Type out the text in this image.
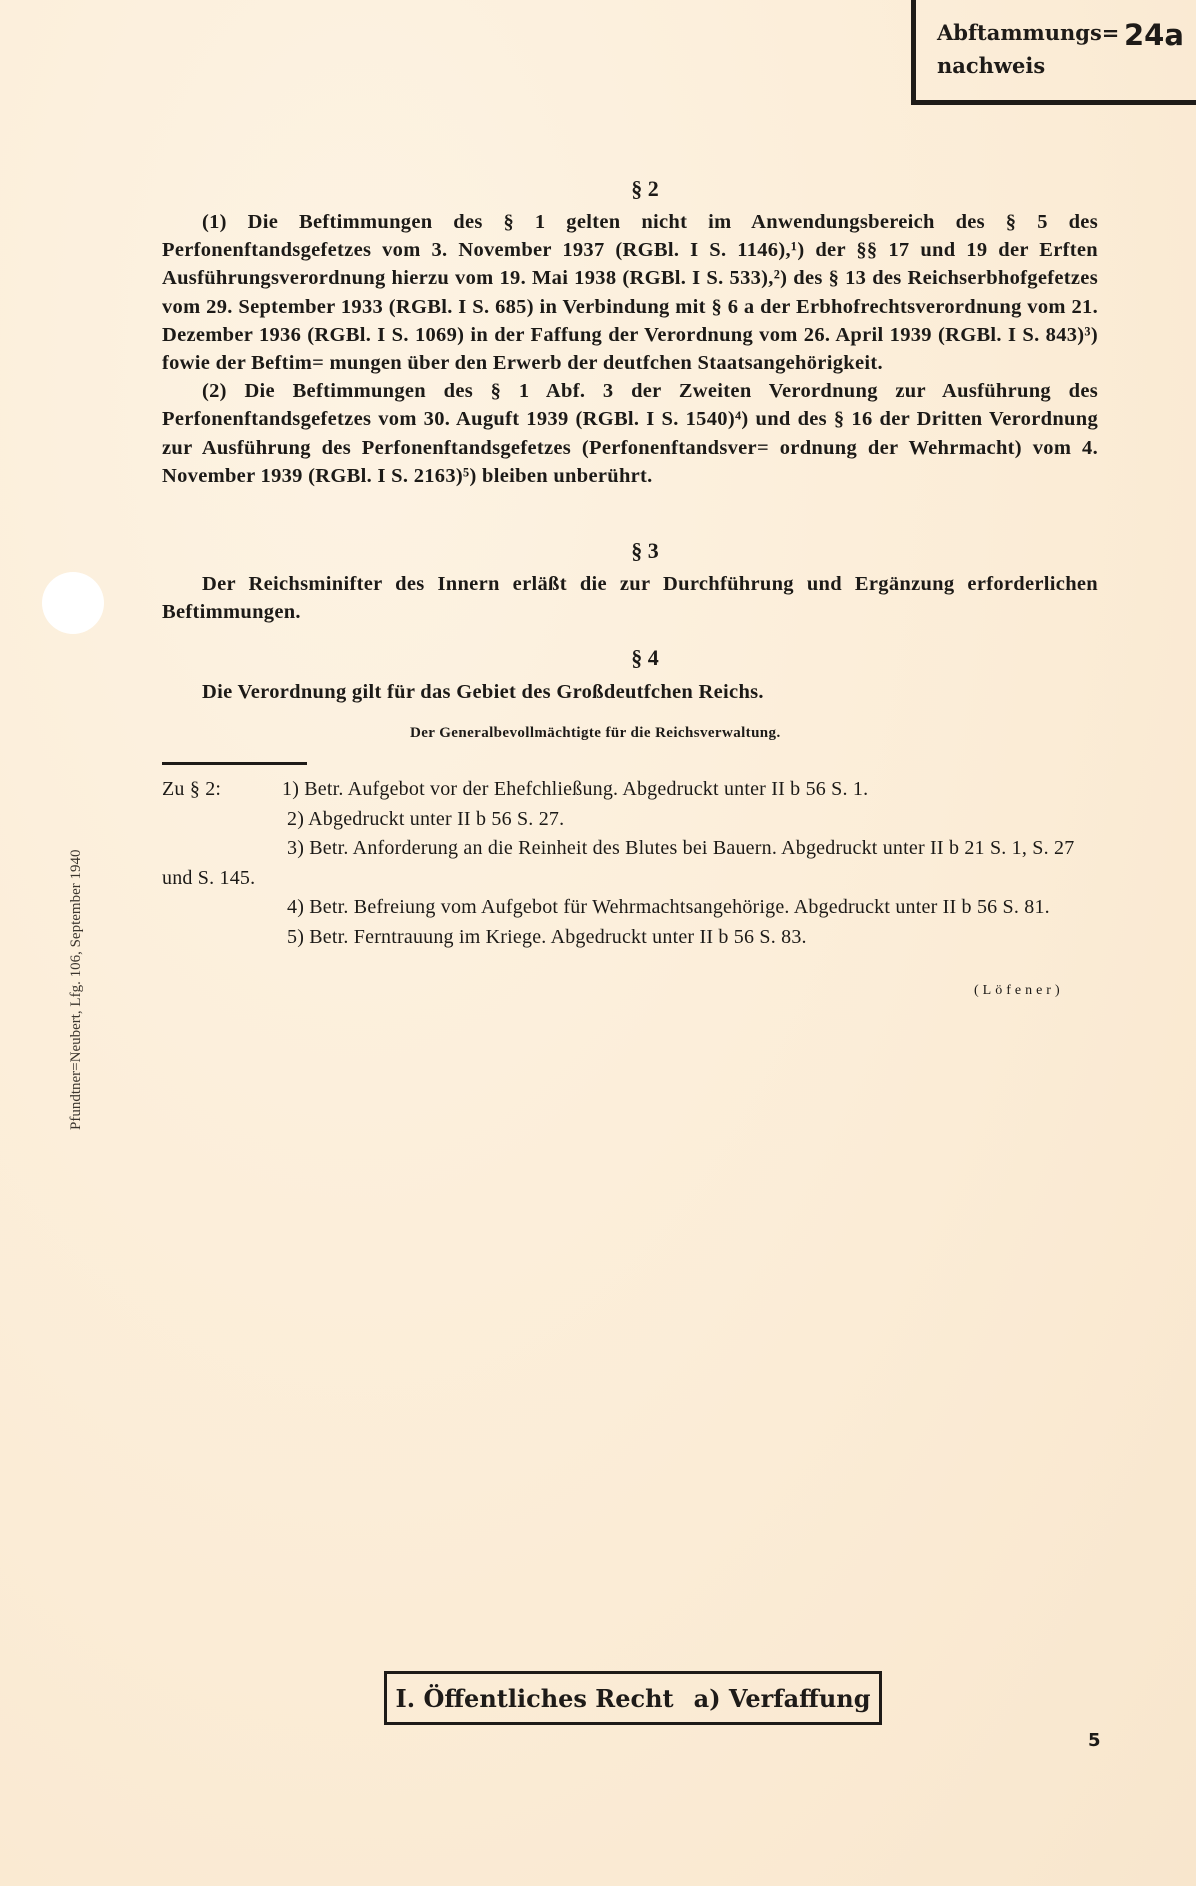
Abftammungs=
nachweis
24a
§ 2

(1) Die Beftimmungen des § 1 gelten nicht im Anwendungsbereich des § 5 des Perfonenftandsgefetzes vom 3. November 1937 (RGBl. I S. 1146),¹) der §§ 17 und 19 der Erften Ausführungsverordnung hierzu vom 19. Mai 1938 (RGBl. I S. 533),²) des § 13 des Reichserbhofgefetzes vom 29. September 1933 (RGBl. I S. 685) in Verbindung mit § 6 a der Erbhofrechtsverordnung vom 21. Dezember 1936 (RGBl. I S. 1069) in der Faffung der Verordnung vom 26. April 1939 (RGBl. I S. 843)³) fowie der Beftim= mungen über den Erwerb der deutfchen Staatsangehörigkeit.

(2) Die Beftimmungen des § 1 Abf. 3 der Zweiten Verordnung zur Ausführung des Perfonenftandsgefetzes vom 30. Auguft 1939 (RGBl. I S. 1540)⁴) und des § 16 der Dritten Verordnung zur Ausführung des Perfonenftandsgefetzes (Perfonenftandsver= ordnung der Wehrmacht) vom 4. November 1939 (RGBl. I S. 2163)⁵) bleiben unberührt.

§ 3

Der Reichsminifter des Innern erläßt die zur Durchführung und Ergänzung erforderlichen Beftimmungen.

§ 4

Die Verordnung gilt für das Gebiet des Großdeutfchen Reichs.

Der Generalbevollmächtigte für die Reichsverwaltung.

Zu § 2:	1) Betr. Aufgebot vor der Ehefchließung. Abgedruckt unter II b 56 S. 1.

2) Abgedruckt unter II b 56 S. 27.

3) Betr. Anforderung an die Reinheit des Blutes bei Bauern. Abgedruckt unter II b 21 S. 1, S. 27 und S. 145.

4) Betr. Befreiung vom Aufgebot für Wehrmachtsangehörige. Abgedruckt unter II b 56 S. 81.

5) Betr. Ferntrauung im Kriege. Abgedruckt unter II b 56 S. 83.

(Löfener)
Pfundtner=Neubert, Lfg. 106, September 1940
I. Öffentliches Recht a) Verfaffung
5
